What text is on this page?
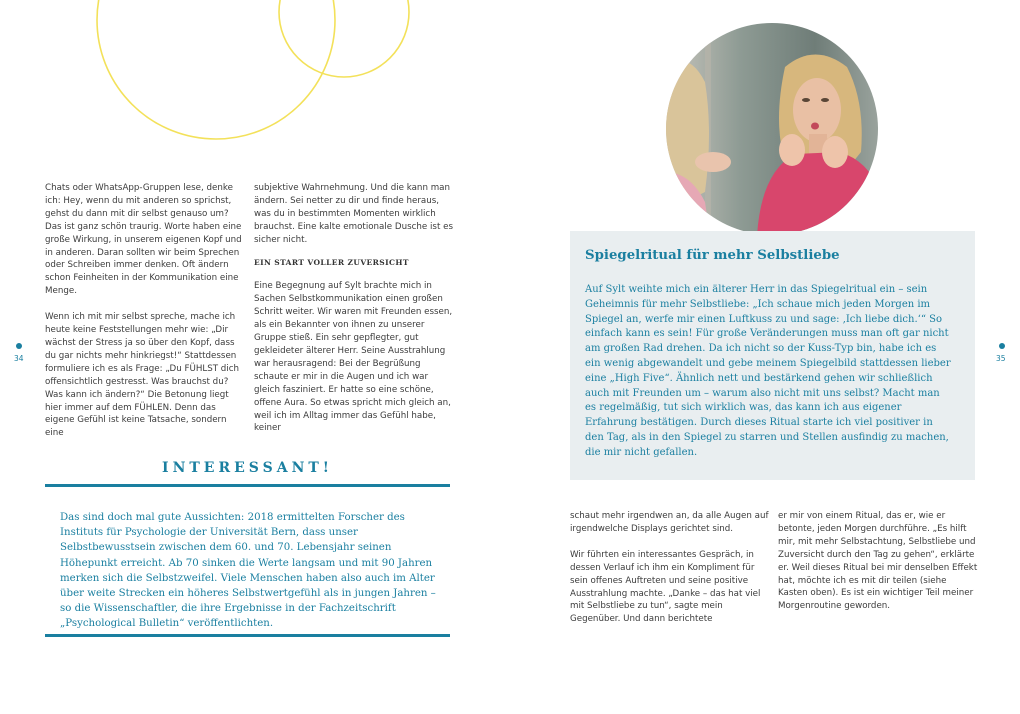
34	35

Chats oder WhatsApp-Gruppen lese, denke ich: Hey, wenn du mit anderen so sprichst, gehst du dann mit dir selbst genauso um? Das ist ganz schön traurig. Worte haben eine große Wirkung, in unserem eigenen Kopf und in anderen. Daran sollten wir beim Sprechen oder Schreiben immer denken. Oft ändern schon Feinheiten in der Kommunikation eine Menge.

Wenn ich mit mir selbst spreche, mache ich heute keine Feststellungen mehr wie: „Dir wächst der Stress ja so über den Kopf, dass du gar nichts mehr hinkriegst!“ Stattdessen formuliere ich es als Frage: „Du FÜHLST dich offensichtlich gestresst. Was brauchst du? Was kann ich ändern?“ Die Betonung liegt hier immer auf dem FÜHLEN. Denn das eigene Gefühl ist keine Tatsache, sondern eine

subjektive Wahrnehmung. Und die kann man ändern. Sei netter zu dir und finde heraus, was du in bestimmten Momenten wirklich brauchst. Eine kalte emotionale Dusche ist es sicher nicht.

EIN START VOLLER ZUVERSICHT

Eine Begegnung auf Sylt brachte mich in Sachen Selbstkommunikation einen großen Schritt weiter. Wir waren mit Freunden essen, als ein Bekannter von ihnen zu unserer Gruppe stieß. Ein sehr gepflegter, gut gekleideter älterer Herr. Seine Ausstrahlung war herausragend: Bei der Begrüßung schaute er mir in die Augen und ich war gleich fasziniert. Er hatte so eine schöne, offene Aura. So etwas spricht mich gleich an, weil ich im Alltag immer das Gefühl habe, keiner

INTERESSANT!
Das sind doch mal gute Aussichten: 2018 ermittelten Forscher des Instituts für Psychologie der Universität Bern, dass unser Selbstbewusstsein zwischen dem 60. und 70. Lebensjahr seinen Höhepunkt erreicht. Ab 70 sinken die Werte langsam und mit 90 Jahren merken sich die Selbstzweifel. Viele Menschen haben also auch im Alter über weite Strecken ein höheres Selbstwertgefühl als in jungen Jahren – so die Wissenschaftler, die ihre Ergebnisse in der Fachzeitschrift „Psychological Bulletin“ veröffentlichten.
Spiegelritual für mehr Selbstliebe
Auf Sylt weihte mich ein älterer Herr in das Spiegelritual ein – sein Geheimnis für mehr Selbstliebe: „Ich schaue mich jeden Morgen im Spiegel an, werfe mir einen Luftkuss zu und sage: ‚Ich liebe dich.‘“ So einfach kann es sein! Für große Veränderungen muss man oft gar nicht am großen Rad drehen. Da ich nicht so der Kuss-Typ bin, habe ich es ein wenig abgewandelt und gebe meinem Spiegelbild stattdessen lieber eine „High Five“. Ähnlich nett und bestärkend gehen wir schließlich auch mit Freunden um – warum also nicht mit uns selbst? Macht man es regelmäßig, tut sich wirklich was, das kann ich aus eigener Erfahrung bestätigen. Durch dieses Ritual starte ich viel positiver in den Tag, als in den Spiegel zu starren und Stellen ausfindig zu machen, die mir nicht gefallen.

schaut mehr irgendwen an, da alle Augen auf irgendwelche Displays gerichtet sind.

Wir führten ein interessantes Gespräch, in dessen Verlauf ich ihm ein Kompliment für sein offenes Auftreten und seine positive Ausstrahlung machte. „Danke – das hat viel mit Selbstliebe zu tun“, sagte mein Gegenüber. Und dann berichtete

er mir von einem Ritual, das er, wie er betonte, jeden Morgen durchführe. „Es hilft mir, mit mehr Selbstachtung, Selbstliebe und Zuversicht durch den Tag zu gehen“, erklärte er. Weil dieses Ritual bei mir denselben Effekt hat, möchte ich es mit dir teilen (siehe Kasten oben). Es ist ein wichtiger Teil meiner Morgenroutine geworden.
